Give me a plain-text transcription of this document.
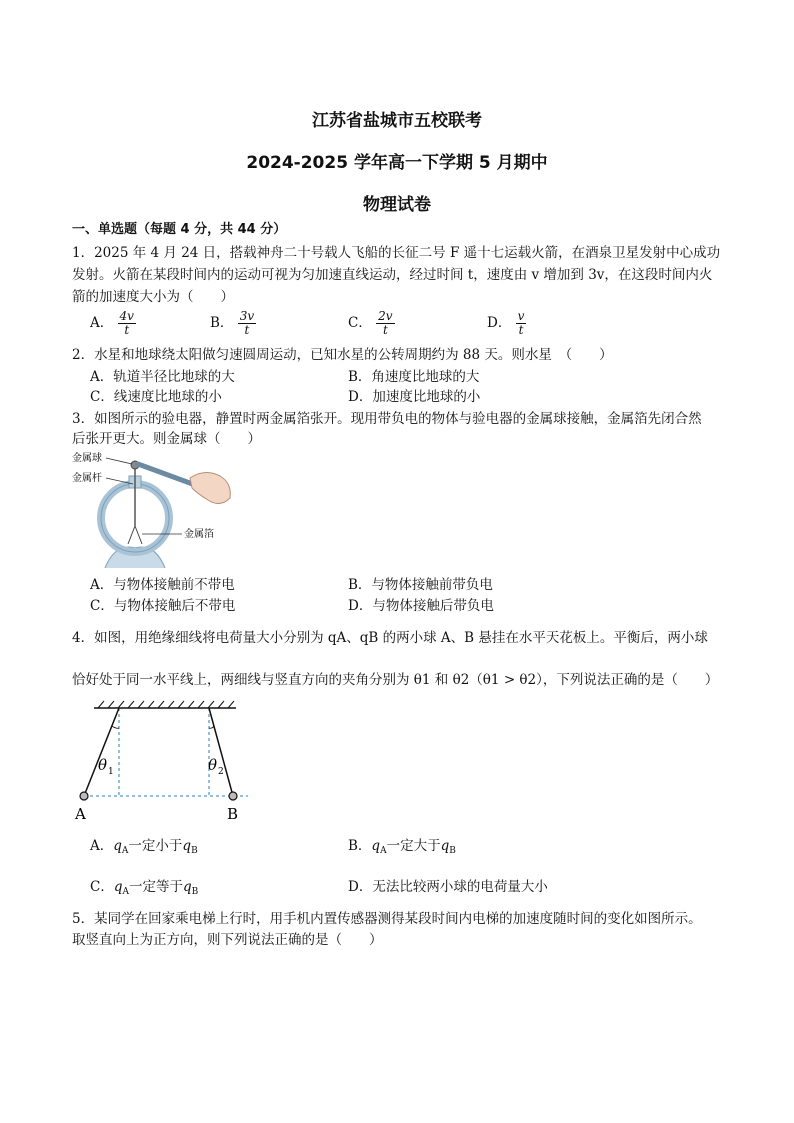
江苏省盐城市五校联考
2024-2025 学年高一下学期 5 月期中
物理试卷
一、单选题（每题 4 分，共 44 分）
1．2025 年 4 月 24 日，搭载神舟二十号载人飞船的长征二号 F 遥十七运载火箭，在酒泉卫星发射中心成功
发射。火箭在某段时间内的运动可视为匀加速直线运动，经过时间 t，速度由 v 增加到 3v，在这段时间内火
箭的加速度大小为（　　）
A． $\frac{4v}{t}$	B． $\frac{3v}{t}$	C． $\frac{2v}{t}$	D． $\frac{v}{t}$
2．水星和地球绕太阳做匀速圆周运动，已知水星的公转周期约为 88 天。则水星　（　　）
A．轨道半径比地球的大	B．角速度比地球的大
C．线速度比地球的小	D．加速度比地球的小
3．如图所示的验电器，静置时两金属箔张开。现用带负电的物体与验电器的金属球接触，金属箔先闭合然
后张开更大。则金属球（　　）
金属球
金属杆
金属箔
A．与物体接触前不带电	B．与物体接触前带负电
C．与物体接触后不带电	D．与物体接触后带负电
4．如图，用绝缘细线将电荷量大小分别为 qA、qB 的两小球 A、B 悬挂在水平天花板上。平衡后，两小球
恰好处于同一水平线上，两细线与竖直方向的夹角分别为 θ1 和 θ2（θ1 > θ2），下列说法正确的是（　　）
θ 1	θ 2
A	B
A．$q_A$一定小于$q_B$	B．$q_A$一定大于$q_B$
C．$q_A$一定等于$q_B$	D．无法比较两小球的电荷量大小
5．某同学在回家乘电梯上行时，用手机内置传感器测得某段时间内电梯的加速度随时间的变化如图所示。
取竖直向上为正方向，则下列说法正确的是（　　）
